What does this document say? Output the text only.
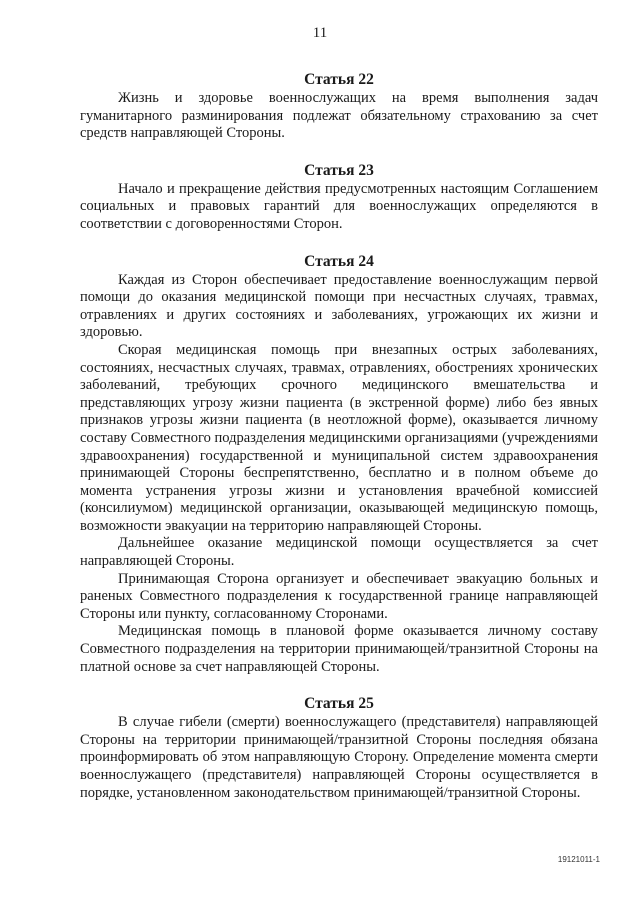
11
Статья 22

Жизнь и здоровье военнослужащих на время выполнения задач гуманитарного разминирования подлежат обязательному страхованию за счет средств направляющей Стороны.

Статья 23

Начало и прекращение действия предусмотренных настоящим Соглашением социальных и правовых гарантий для военнослужащих определяются в соответствии с договоренностями Сторон.

Статья 24

Каждая из Сторон обеспечивает предоставление военнослужащим первой помощи до оказания медицинской помощи при несчастных случаях, травмах, отравлениях и других состояниях и заболеваниях, угрожающих их жизни и здоровью.

Скорая медицинская помощь при внезапных острых заболеваниях, состояниях, несчастных случаях, травмах, отравлениях, обострениях хронических заболеваний, требующих срочного медицинского вмешательства и представляющих угрозу жизни пациента (в экстренной форме) либо без явных признаков угрозы жизни пациента (в неотложной форме), оказывается личному составу Совместного подразделения медицинскими организациями (учреждениями здравоохранения) государственной и муниципальной систем здравоохранения принимающей Стороны беспрепятственно, бесплатно и в полном объеме до момента устранения угрозы жизни и установления врачебной комиссией (консилиумом) медицинской организации, оказывающей медицинскую помощь, возможности эвакуации на территорию направляющей Стороны.

Дальнейшее оказание медицинской помощи осуществляется за счет направляющей Стороны.

Принимающая Сторона организует и обеспечивает эвакуацию больных и раненых Совместного подразделения к государственной границе направляющей Стороны или пункту, согласованному Сторонами.

Медицинская помощь в плановой форме оказывается личному составу Совместного подразделения на территории принимающей/транзитной Стороны на платной основе за счет направляющей Стороны.

Статья 25

В случае гибели (смерти) военнослужащего (представителя) направляющей Стороны на территории принимающей/транзитной Стороны последняя обязана проинформировать об этом направляющую Сторону. Определение момента смерти военнослужащего (представителя) направляющей Стороны осуществляется в порядке, установленном законодательством принимающей/транзитной Стороны.

19121011-1
